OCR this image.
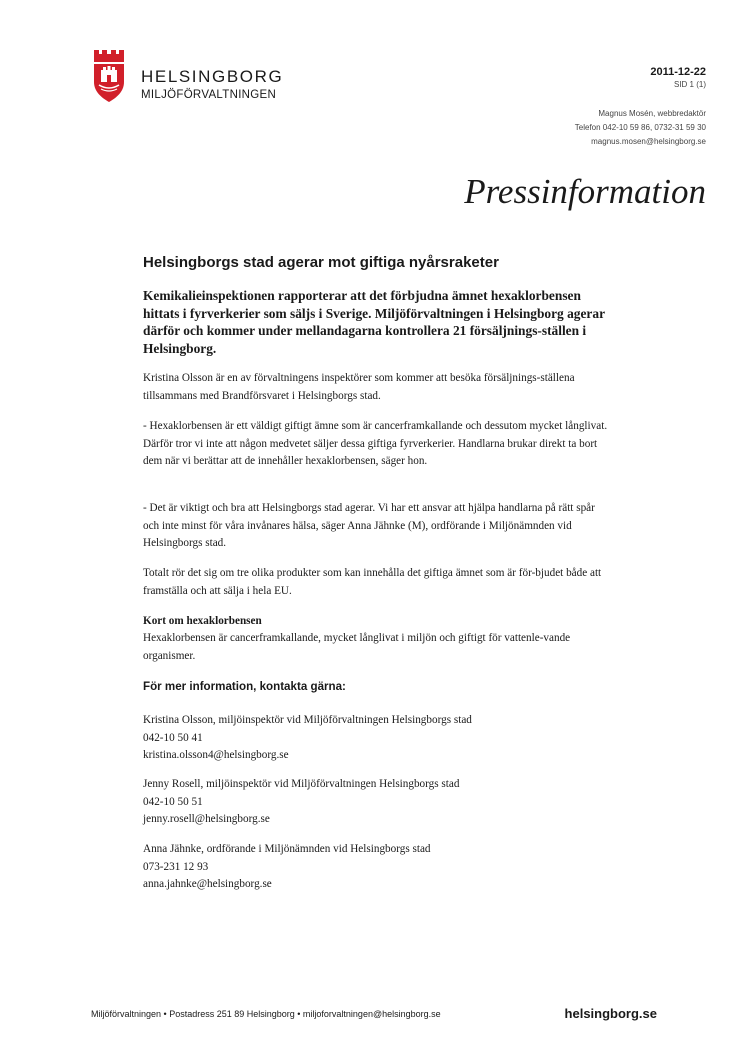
HELSINGBORG
MILJÖFÖRVALTNINGEN
2011-12-22
SID 1 (1)
Magnus Mosén, webbredaktör
Telefon 042-10 59 86, 0732-31 59 30
magnus.mosen@helsingborg.se
Pressinformation
Helsingborgs stad agerar mot giftiga nyårsraketer
Kemikalieinspektionen rapporterar att det förbjudna ämnet hexaklorbensen hittats i fyrverkerier som säljs i Sverige. Miljöförvaltningen i Helsingborg agerar därför och kommer under mellandagarna kontrollera 21 försäljnings-ställen i Helsingborg.
Kristina Olsson är en av förvaltningens inspektörer som kommer att besöka försäljnings-ställena tillsammans med Brandförsvaret i Helsingborgs stad.
- Hexaklorbensen är ett väldigt giftigt ämne som är cancerframkallande och dessutom mycket långlivat. Därför tror vi inte att någon medvetet säljer dessa giftiga fyrverkerier. Handlarna brukar direkt ta bort dem när vi berättar att de innehåller hexaklorbensen, säger hon.
- Det är viktigt och bra att Helsingborgs stad agerar. Vi har ett ansvar att hjälpa handlarna på rätt spår och inte minst för våra invånares hälsa, säger Anna Jähnke (M), ordförande i Miljönämnden vid Helsingborgs stad.
Totalt rör det sig om tre olika produkter som kan innehålla det giftiga ämnet som är för-bjudet både att framställa och att sälja i hela EU.
Kort om hexaklorbensen
Hexaklorbensen är cancerframkallande, mycket långlivat i miljön och giftigt för vattenle-vande organismer.
För mer information, kontakta gärna:
Kristina Olsson, miljöinspektör vid Miljöförvaltningen Helsingborgs stad
042-10 50 41
kristina.olsson4@helsingborg.se
Jenny Rosell, miljöinspektör vid Miljöförvaltningen Helsingborgs stad
042-10 50 51
jenny.rosell@helsingborg.se
Anna Jähnke, ordförande i Miljönämnden vid Helsingborgs stad
073-231 12 93
anna.jahnke@helsingborg.se
Miljöförvaltningen • Postadress 251 89 Helsingborg • miljoforvaltningen@helsingborg.se	helsingborg.se
